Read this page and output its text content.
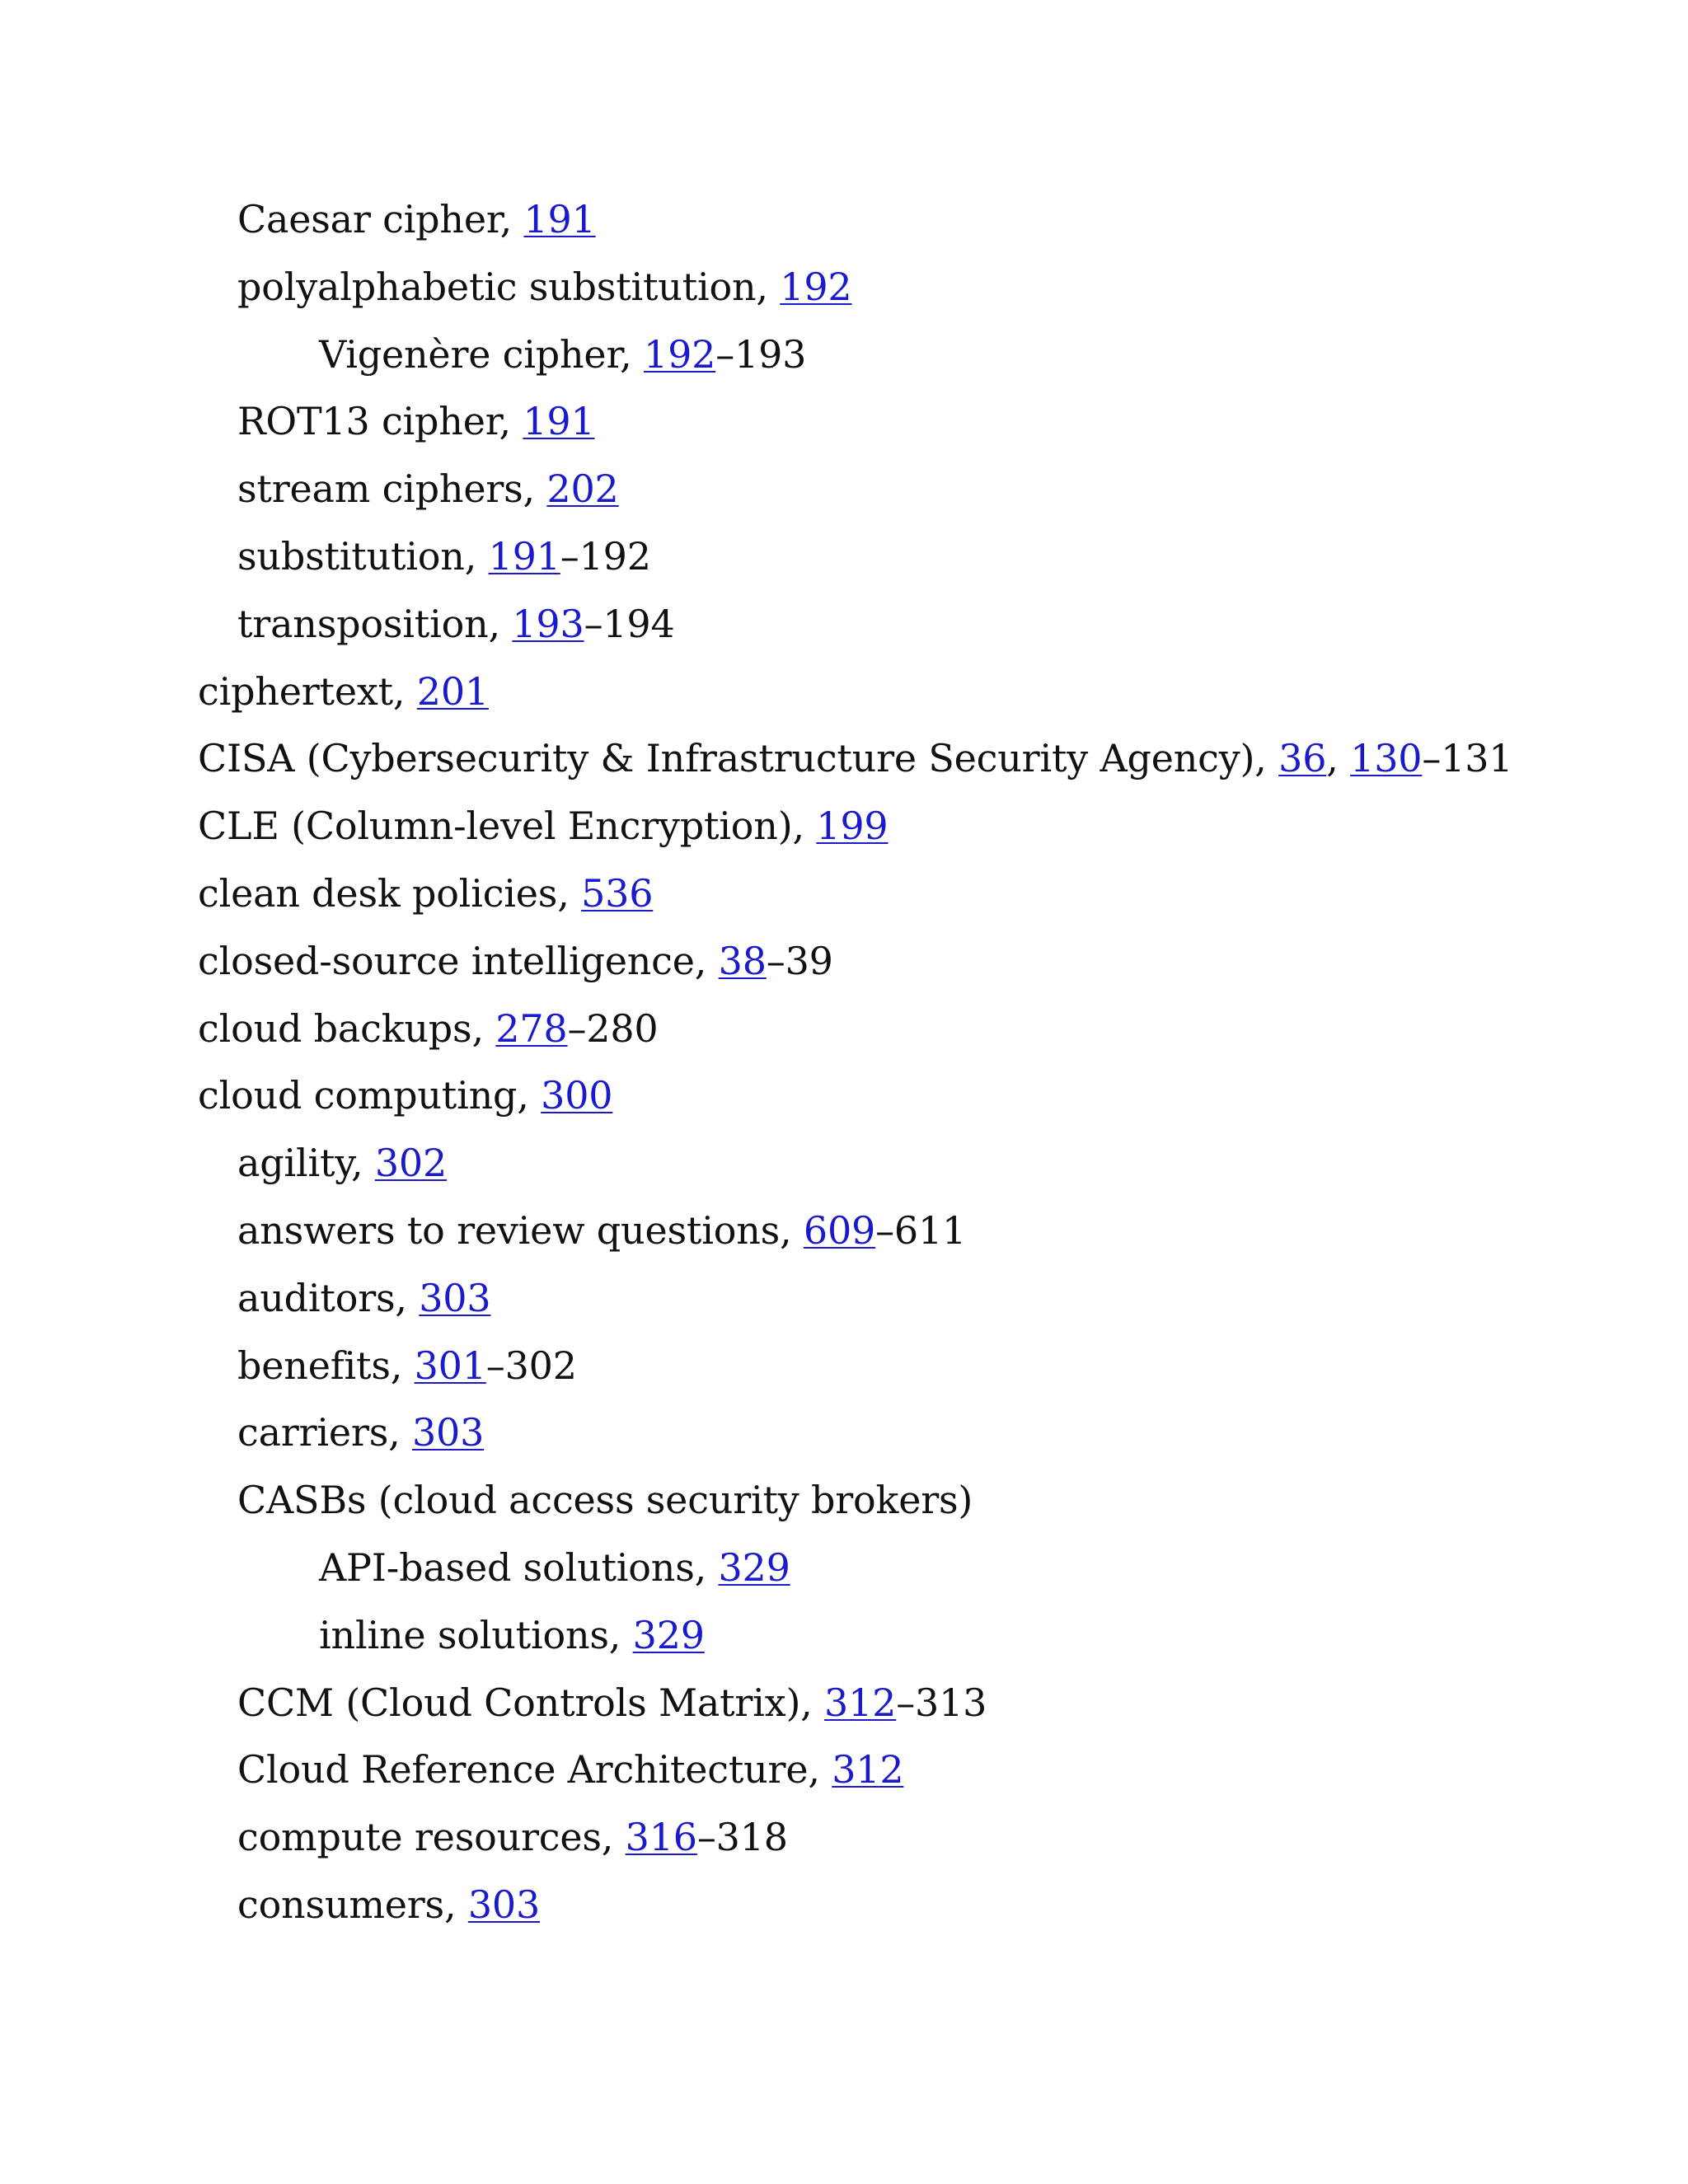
Caesar cipher, 191
polyalphabetic substitution, 192
Vigenère cipher, 192–193
ROT13 cipher, 191
stream ciphers, 202
substitution, 191–192
transposition, 193–194
ciphertext, 201
CISA (Cybersecurity & Infrastructure Security Agency), 36, 130–131
CLE (Column-level Encryption), 199
clean desk policies, 536
closed-source intelligence, 38–39
cloud backups, 278–280
cloud computing, 300
agility, 302
answers to review questions, 609–611
auditors, 303
benefits, 301–302
carriers, 303
CASBs (cloud access security brokers)
API-based solutions, 329
inline solutions, 329
CCM (Cloud Controls Matrix), 312–313
Cloud Reference Architecture, 312
compute resources, 316–318
consumers, 303
